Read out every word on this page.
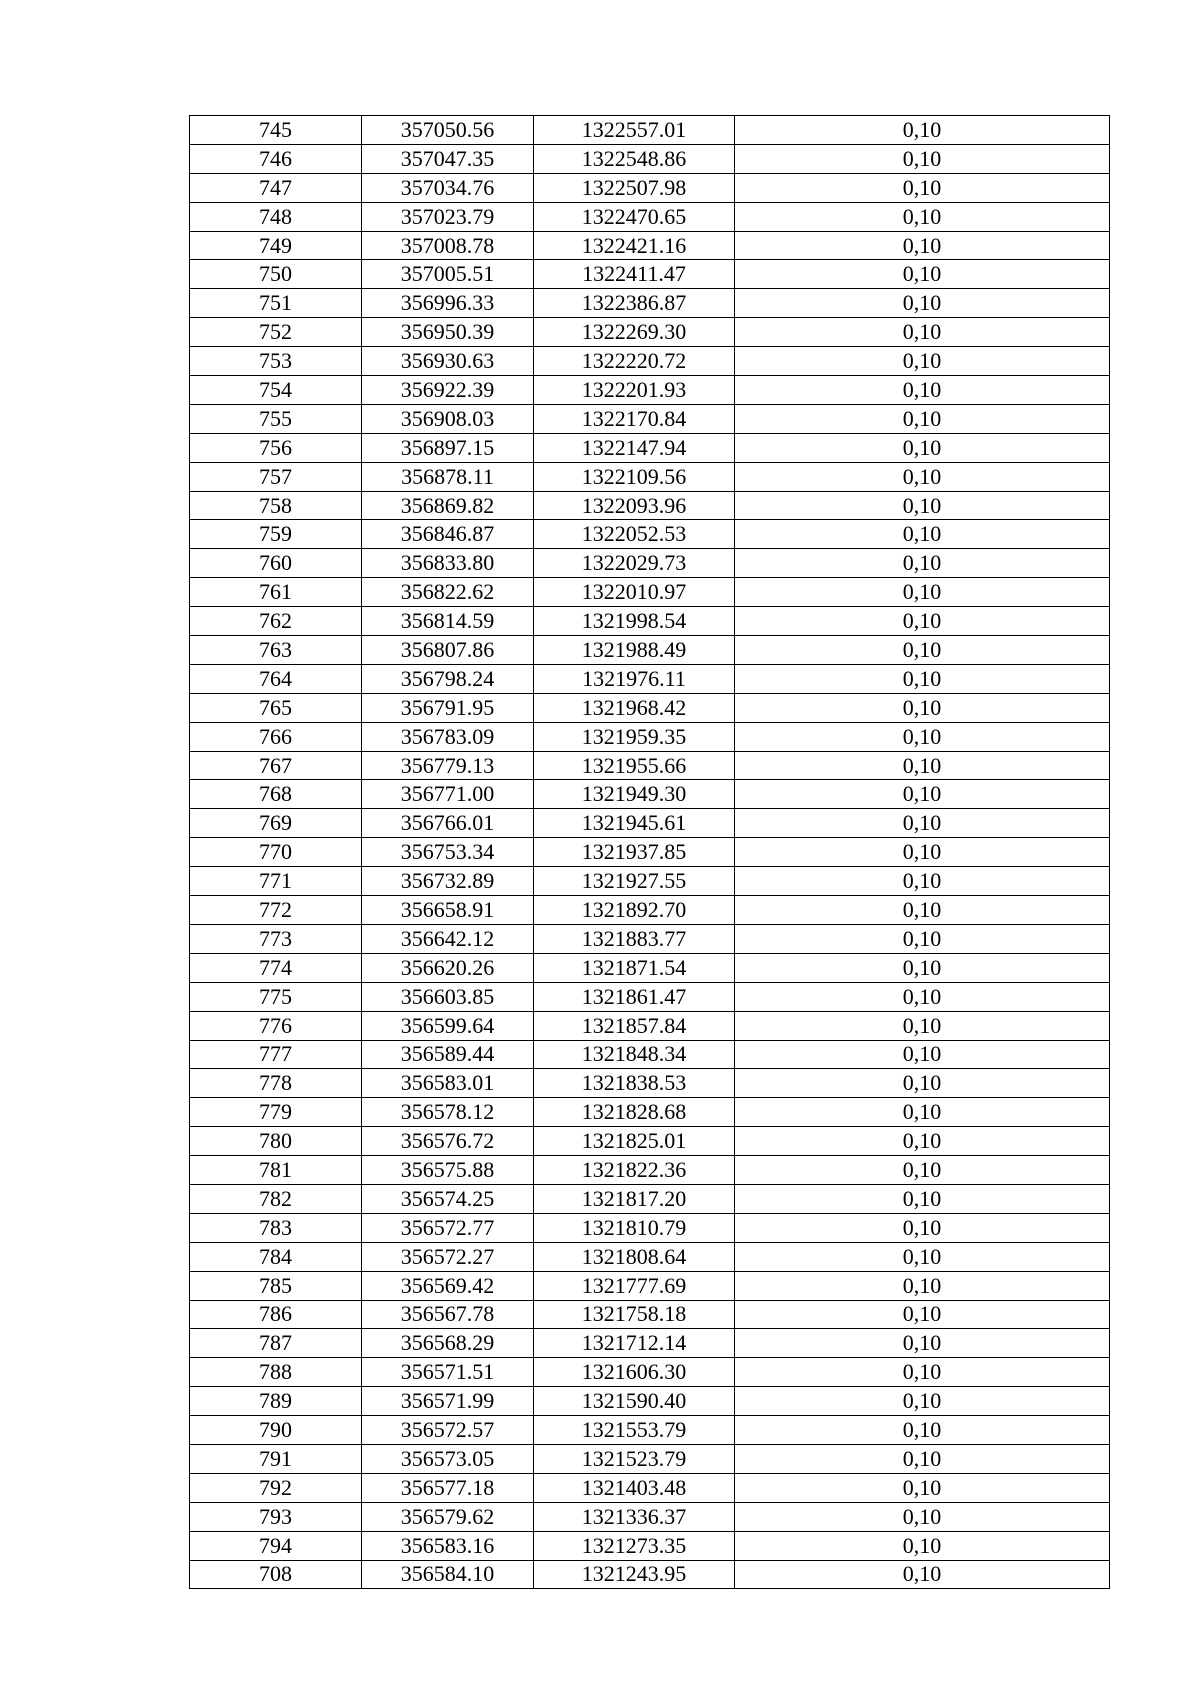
745	357050.56	1322557.01	0,10
746	357047.35	1322548.86	0,10
747	357034.76	1322507.98	0,10
748	357023.79	1322470.65	0,10
749	357008.78	1322421.16	0,10
750	357005.51	1322411.47	0,10
751	356996.33	1322386.87	0,10
752	356950.39	1322269.30	0,10
753	356930.63	1322220.72	0,10
754	356922.39	1322201.93	0,10
755	356908.03	1322170.84	0,10
756	356897.15	1322147.94	0,10
757	356878.11	1322109.56	0,10
758	356869.82	1322093.96	0,10
759	356846.87	1322052.53	0,10
760	356833.80	1322029.73	0,10
761	356822.62	1322010.97	0,10
762	356814.59	1321998.54	0,10
763	356807.86	1321988.49	0,10
764	356798.24	1321976.11	0,10
765	356791.95	1321968.42	0,10
766	356783.09	1321959.35	0,10
767	356779.13	1321955.66	0,10
768	356771.00	1321949.30	0,10
769	356766.01	1321945.61	0,10
770	356753.34	1321937.85	0,10
771	356732.89	1321927.55	0,10
772	356658.91	1321892.70	0,10
773	356642.12	1321883.77	0,10
774	356620.26	1321871.54	0,10
775	356603.85	1321861.47	0,10
776	356599.64	1321857.84	0,10
777	356589.44	1321848.34	0,10
778	356583.01	1321838.53	0,10
779	356578.12	1321828.68	0,10
780	356576.72	1321825.01	0,10
781	356575.88	1321822.36	0,10
782	356574.25	1321817.20	0,10
783	356572.77	1321810.79	0,10
784	356572.27	1321808.64	0,10
785	356569.42	1321777.69	0,10
786	356567.78	1321758.18	0,10
787	356568.29	1321712.14	0,10
788	356571.51	1321606.30	0,10
789	356571.99	1321590.40	0,10
790	356572.57	1321553.79	0,10
791	356573.05	1321523.79	0,10
792	356577.18	1321403.48	0,10
793	356579.62	1321336.37	0,10
794	356583.16	1321273.35	0,10
708	356584.10	1321243.95	0,10
